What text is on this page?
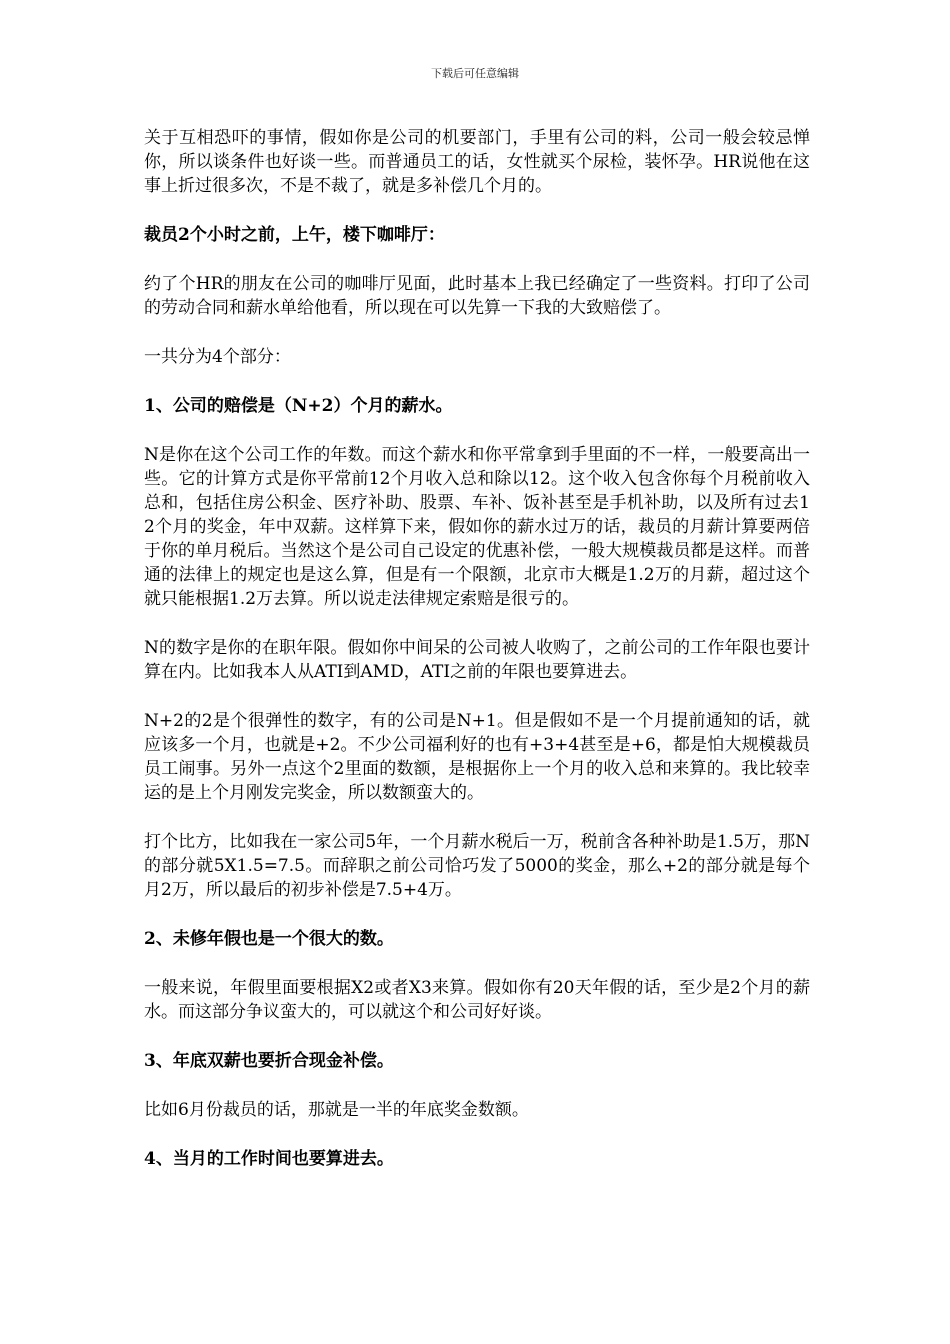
下载后可任意编辑

关于互相恐吓的事情，假如你是公司的机要部门，手里有公司的料，公司一般会较忌惮你，所以谈条件也好谈一些。而普通员工的话，女性就买个尿检，装怀孕。HR说他在这事上折过很多次，不是不裁了，就是多补偿几个月的。

裁员2个小时之前，上午，楼下咖啡厅：

约了个HR的朋友在公司的咖啡厅见面，此时基本上我已经确定了一些资料。打印了公司的劳动合同和薪水单给他看，所以现在可以先算一下我的大致赔偿了。

一共分为4个部分：

1、公司的赔偿是（N+2）个月的薪水。

N是你在这个公司工作的年数。而这个薪水和你平常拿到手里面的不一样，一般要高出一些。它的计算方式是你平常前12个月收入总和除以12。这个收入包含你每个月税前收入总和，包括住房公积金、医疗补助、股票、车补、饭补甚至是手机补助，以及所有过去12个月的奖金，年中双薪。这样算下来，假如你的薪水过万的话，裁员的月薪计算要两倍于你的单月税后。当然这个是公司自己设定的优惠补偿，一般大规模裁员都是这样。而普通的法律上的规定也是这么算，但是有一个限额，北京市大概是1.2万的月薪，超过这个就只能根据1.2万去算。所以说走法律规定索赔是很亏的。

N的数字是你的在职年限。假如你中间呆的公司被人收购了，之前公司的工作年限也要计算在内。比如我本人从ATI到AMD，ATI之前的年限也要算进去。

N+2的2是个很弹性的数字，有的公司是N+1。但是假如不是一个月提前通知的话，就应该多一个月，也就是+2。不少公司福利好的也有+3+4甚至是+6，都是怕大规模裁员员工闹事。另外一点这个2里面的数额，是根据你上一个月的收入总和来算的。我比较幸运的是上个月刚发完奖金，所以数额蛮大的。

打个比方，比如我在一家公司5年，一个月薪水税后一万，税前含各种补助是1.5万，那N的部分就5X1.5=7.5。而辞职之前公司恰巧发了5000的奖金，那么+2的部分就是每个月2万，所以最后的初步补偿是7.5+4万。

2、未修年假也是一个很大的数。

一般来说，年假里面要根据X2或者X3来算。假如你有20天年假的话，至少是2个月的薪水。而这部分争议蛮大的，可以就这个和公司好好谈。

3、年底双薪也要折合现金补偿。

比如6月份裁员的话，那就是一半的年底奖金数额。

4、当月的工作时间也要算进去。
